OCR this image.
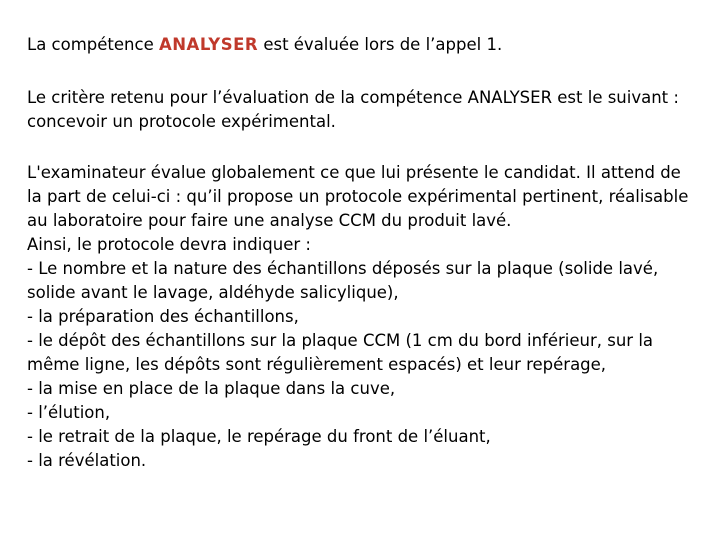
La compétence ANALYSER est évaluée lors de l’appel 1.
Le critère retenu pour l’évaluation de la compétence ANALYSER est le suivant : concevoir un protocole expérimental.
L'examinateur évalue globalement ce que lui présente le candidat. Il attend de la part de celui-ci : qu’il propose un protocole expérimental pertinent, réalisable au laboratoire pour faire une analyse CCM du produit lavé.
Ainsi, le protocole devra indiquer :
- Le nombre et la nature des échantillons déposés sur la plaque (solide lavé, solide avant le lavage, aldéhyde salicylique),
- la préparation des échantillons,
- le dépôt des échantillons sur la plaque CCM (1 cm du bord inférieur, sur la même ligne, les dépôts sont régulièrement espacés) et leur repérage,
- la mise en place de la plaque dans la cuve,
- l’élution,
- le retrait de la plaque, le repérage du front de l’éluant,
- la révélation.
